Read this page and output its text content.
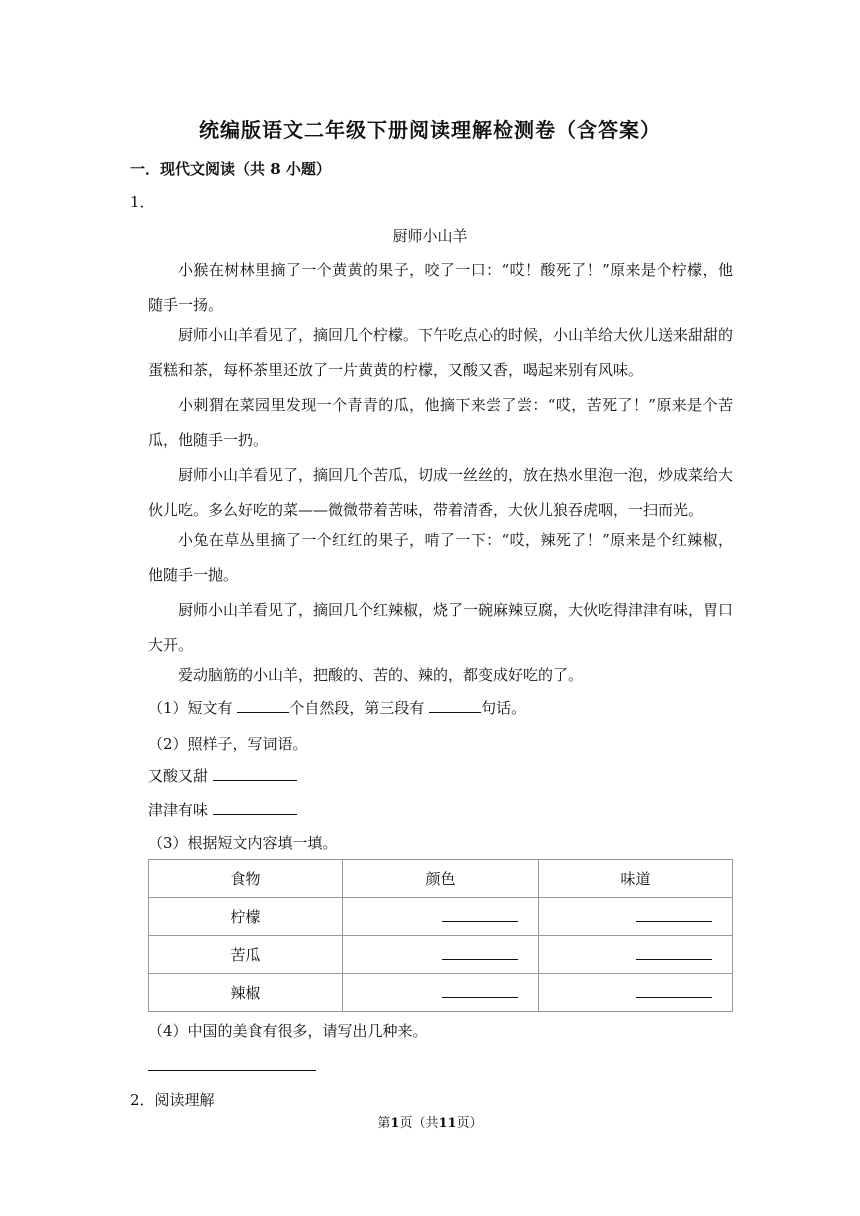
统编版语文二年级下册阅读理解检测卷（含答案）
一．现代文阅读（共 8 小题）
1．
厨师小山羊

小猴在树林里摘了一个黄黄的果子，咬了一口：“哎！酸死了！”原来是个柠檬，他随手一扬。

厨师小山羊看见了，摘回几个柠檬。下午吃点心的时候，小山羊给大伙儿送来甜甜的蛋糕和茶，每杯茶里还放了一片黄黄的柠檬，又酸又香，喝起来别有风味。

小刺猬在菜园里发现一个青青的瓜，他摘下来尝了尝：“哎，苦死了！”原来是个苦瓜，他随手一扔。

厨师小山羊看见了，摘回几个苦瓜，切成一丝丝的，放在热水里泡一泡，炒成菜给大伙儿吃。多么好吃的菜——微微带着苦味，带着清香，大伙儿狼吞虎咽，一扫而光。

小兔在草丛里摘了一个红红的果子，啃了一下：“哎，辣死了！”原来是个红辣椒，他随手一抛。

厨师小山羊看见了，摘回几个红辣椒，烧了一碗麻辣豆腐，大伙吃得津津有味，胃口大开。

爱动脑筋的小山羊，把酸的、苦的、辣的，都变成好吃的了。

（1）短文有	个自然段，第三段有	句话。
（2）照样子，写词语。
又酸又甜
津津有味
（3）根据短文内容填一填。
食物	颜色	味道
柠檬		
苦瓜		
辣椒		
（4）中国的美食有很多，请写出几种来。
2．阅读理解
第1页（共11页）
